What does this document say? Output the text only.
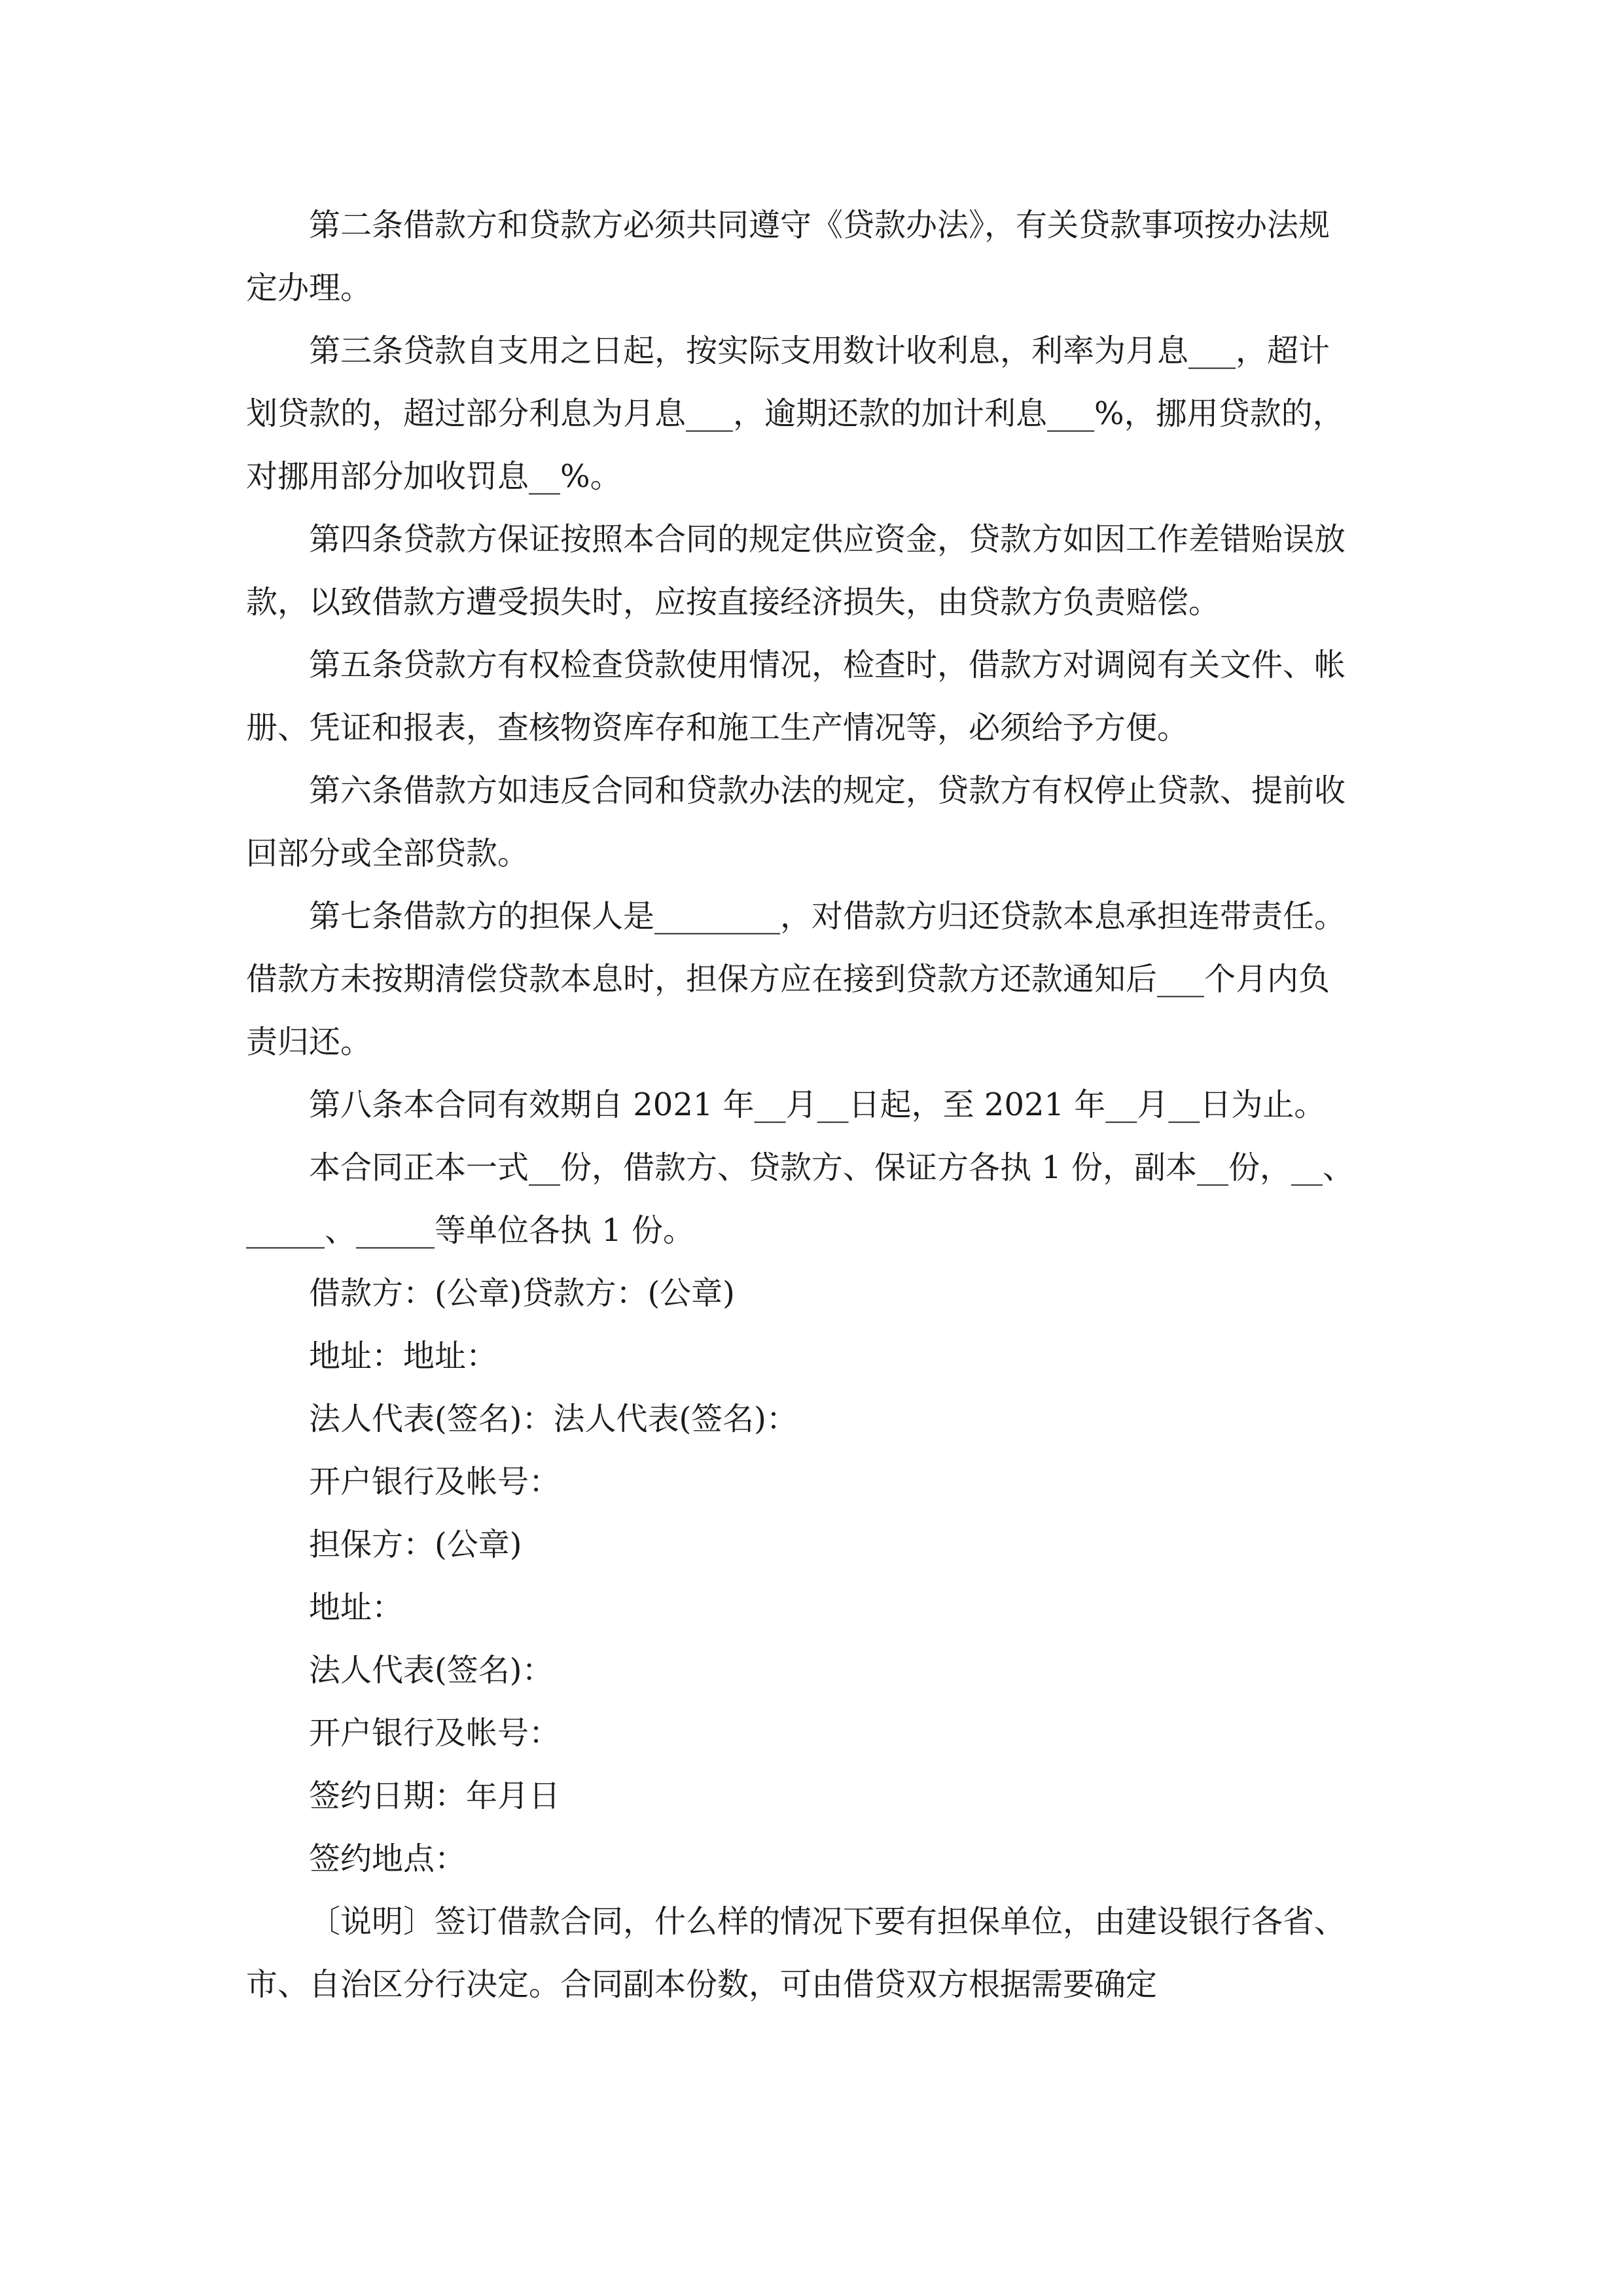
第二条借款方和贷款方必须共同遵守《贷款办法》，有关贷款事项按办法规

定办理。

第三条贷款自支用之日起，按实际支用数计收利息，利率为月息___，超计

划贷款的，超过部分利息为月息___，逾期还款的加计利息___%，挪用贷款的，

对挪用部分加收罚息__%。

第四条贷款方保证按照本合同的规定供应资金，贷款方如因工作差错贻误放

款，以致借款方遭受损失时，应按直接经济损失，由贷款方负责赔偿。

第五条贷款方有权检查贷款使用情况，检查时，借款方对调阅有关文件、帐

册、凭证和报表，查核物资库存和施工生产情况等，必须给予方便。

第六条借款方如违反合同和贷款办法的规定，贷款方有权停止贷款、提前收

回部分或全部贷款。

第七条借款方的担保人是________，对借款方归还贷款本息承担连带责任。

借款方未按期清偿贷款本息时，担保方应在接到贷款方还款通知后___个月内负

责归还。

第八条本合同有效期自 2021 年__月__日起，至 2021 年__月__日为止。

本合同正本一式__份，借款方、贷款方、保证方各执 1 份，副本__份，__、

_____、_____等单位各执 1 份。

借款方：(公章)贷款方：(公章)

地址：地址：

法人代表(签名)：法人代表(签名)：

开户银行及帐号：

担保方：(公章)

地址：

法人代表(签名)：

开户银行及帐号：

签约日期：年月日

签约地点：

〔说明〕签订借款合同，什么样的情况下要有担保单位，由建设银行各省、

市、自治区分行决定。合同副本份数，可由借贷双方根据需要确定
